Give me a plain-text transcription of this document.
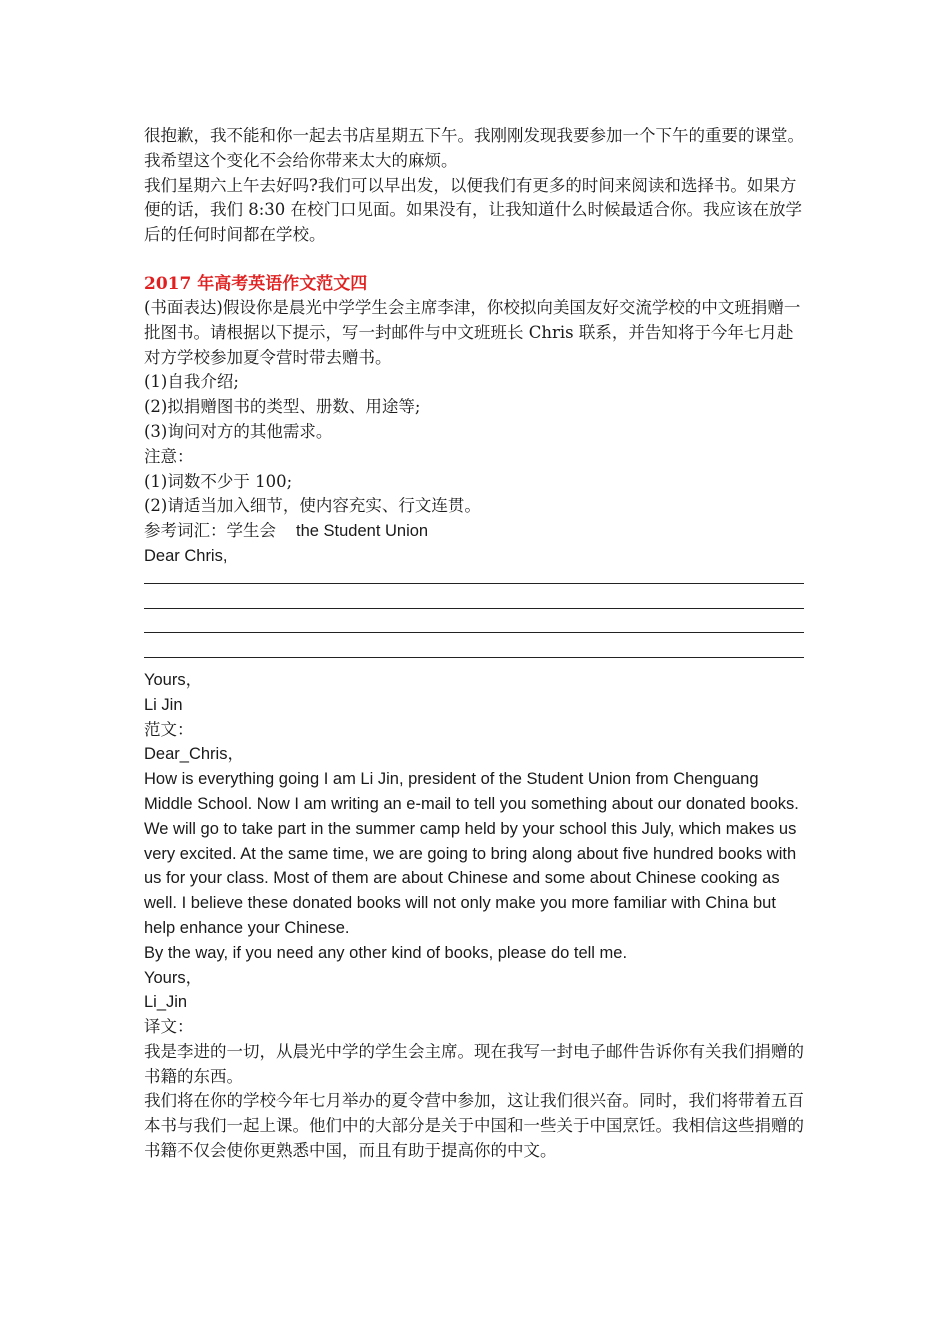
很抱歉，我不能和你一起去书店星期五下午。我刚刚发现我要参加一个下午的重要的课堂。我希望这个变化不会给你带来太大的麻烦。
我们星期六上午去好吗?我们可以早出发，以便我们有更多的时间来阅读和选择书。如果方便的话，我们 8:30 在校门口见面。如果没有，让我知道什么时候最适合你。我应该在放学后的任何时间都在学校。
2017 年高考英语作文范文四
(书面表达)假设你是晨光中学学生会主席李津，你校拟向美国友好交流学校的中文班捐赠一批图书。请根据以下提示，写一封邮件与中文班班长 Chris 联系，并告知将于今年七月赴对方学校参加夏令营时带去赠书。
(1)自我介绍;
(2)拟捐赠图书的类型、册数、用途等;
(3)询问对方的其他需求。
注意：
(1)词数不少于 100;
(2)请适当加入细节，使内容充实、行文连贯。
参考词汇：学生会 the Student Union
Dear Chris,
Yours，
Li Jin
范文：
Dear_Chris，
How is everything going I am Li Jin, president of the Student Union from Chenguang Middle School. Now I am writing an e-mail to tell you something about our donated books.
We will go to take part in the summer camp held by your school this July, which makes us very excited. At the same time, we are going to bring along about five hundred books with us for your class. Most of them are about Chinese and some about Chinese cooking as well. I believe these donated books will not only make you more familiar with China but help enhance your Chinese.
By the way, if you need any other kind of books, please do tell me.
Yours，
Li_Jin
译文：
我是李进的一切，从晨光中学的学生会主席。现在我写一封电子邮件告诉你有关我们捐赠的书籍的东西。
我们将在你的学校今年七月举办的夏令营中参加，这让我们很兴奋。同时，我们将带着五百本书与我们一起上课。他们中的大部分是关于中国和一些关于中国烹饪。我相信这些捐赠的书籍不仅会使你更熟悉中国，而且有助于提高你的中文。
